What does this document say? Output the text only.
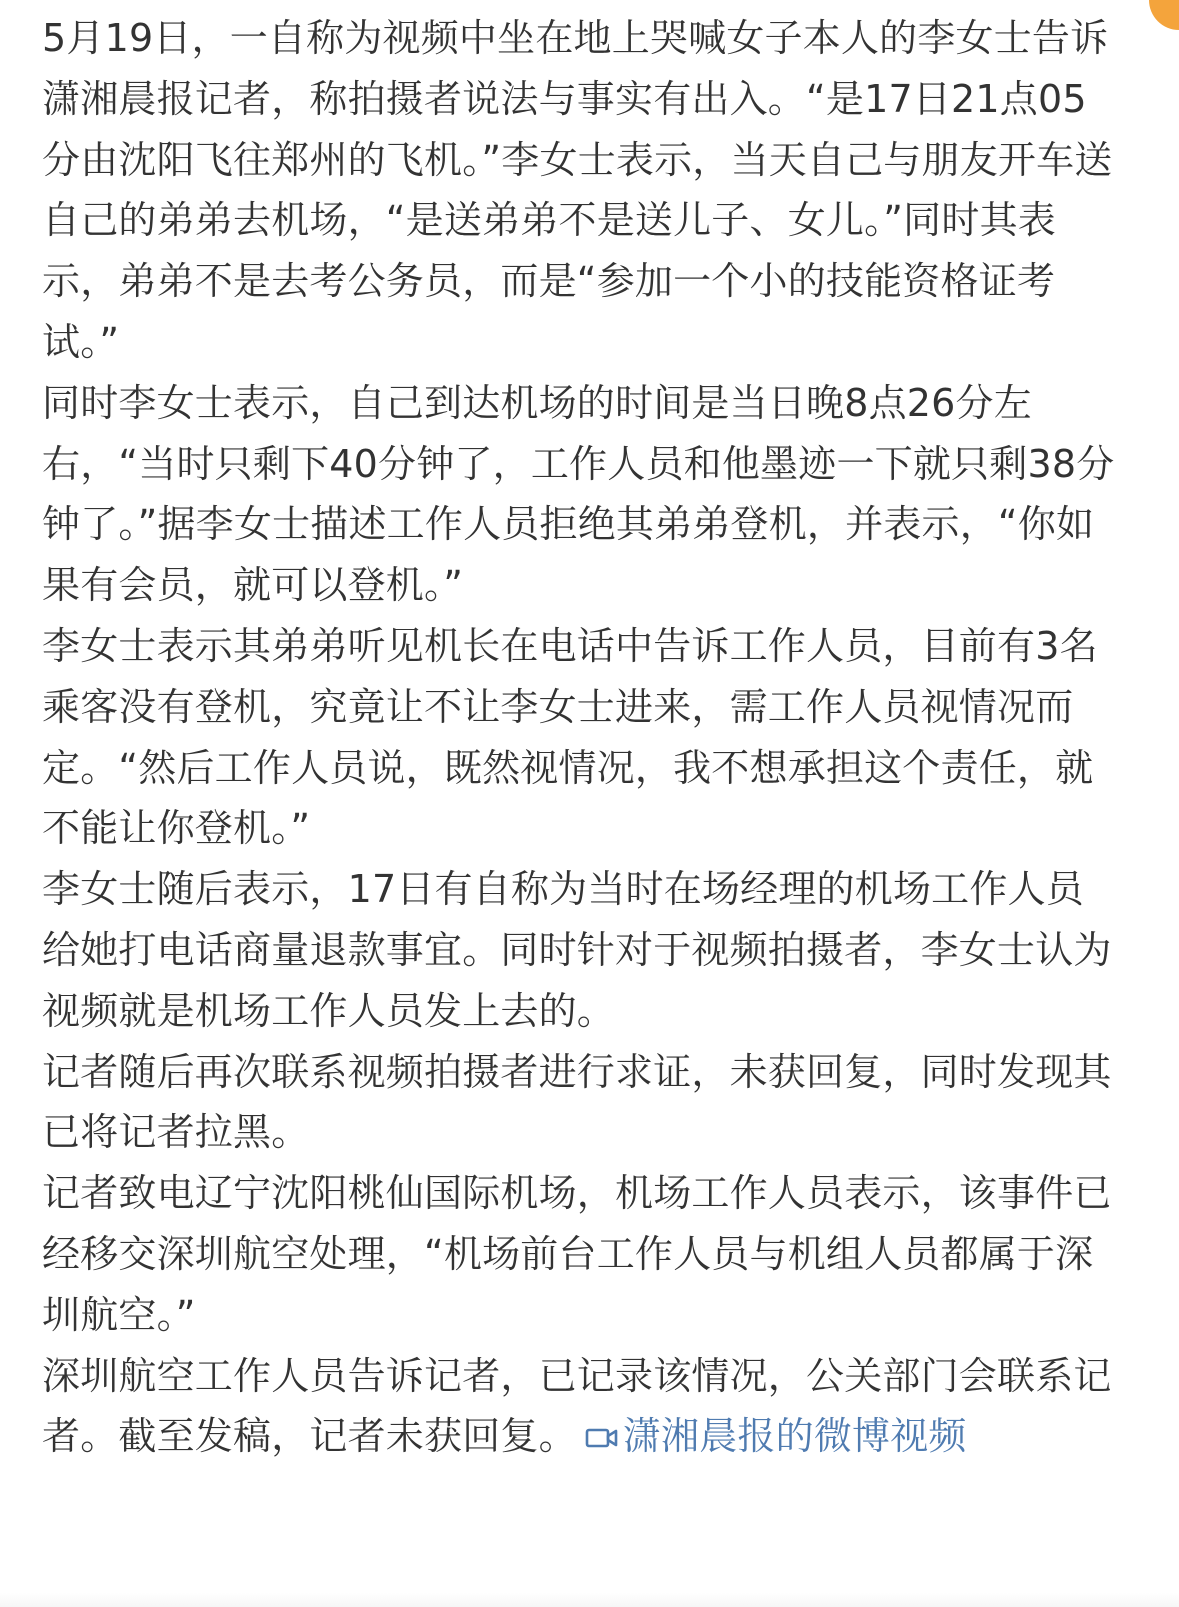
5月19日，一自称为视频中坐在地上哭喊女子本人的李女士告诉潇湘晨报记者，称拍摄者说法与事实有出入。“是17日21点05分由沈阳飞往郑州的飞机。”李女士表示，当天自己与朋友开车送自己的弟弟去机场，“是送弟弟不是送儿子、女儿。”同时其表示，弟弟不是去考公务员，而是“参加一个小的技能资格证考试。”

同时李女士表示，自己到达机场的时间是当日晚8点26分左右，“当时只剩下40分钟了，工作人员和他墨迹一下就只剩38分钟了。”据李女士描述工作人员拒绝其弟弟登机，并表示，“你如果有会员，就可以登机。”

李女士表示其弟弟听见机长在电话中告诉工作人员，目前有3名乘客没有登机，究竟让不让李女士进来，需工作人员视情况而定。“然后工作人员说，既然视情况，我不想承担这个责任，就不能让你登机。”

李女士随后表示，17日有自称为当时在场经理的机场工作人员给她打电话商量退款事宜。同时针对于视频拍摄者，李女士认为视频就是机场工作人员发上去的。

记者随后再次联系视频拍摄者进行求证，未获回复，同时发现其已将记者拉黑。

记者致电辽宁沈阳桃仙国际机场，机场工作人员表示，该事件已经移交深圳航空处理，“机场前台工作人员与机组人员都属于深圳航空。”

深圳航空工作人员告诉记者，已记录该情况，公关部门会联系记者。截至发稿，记者未获回复。 潇湘晨报的微博视频
